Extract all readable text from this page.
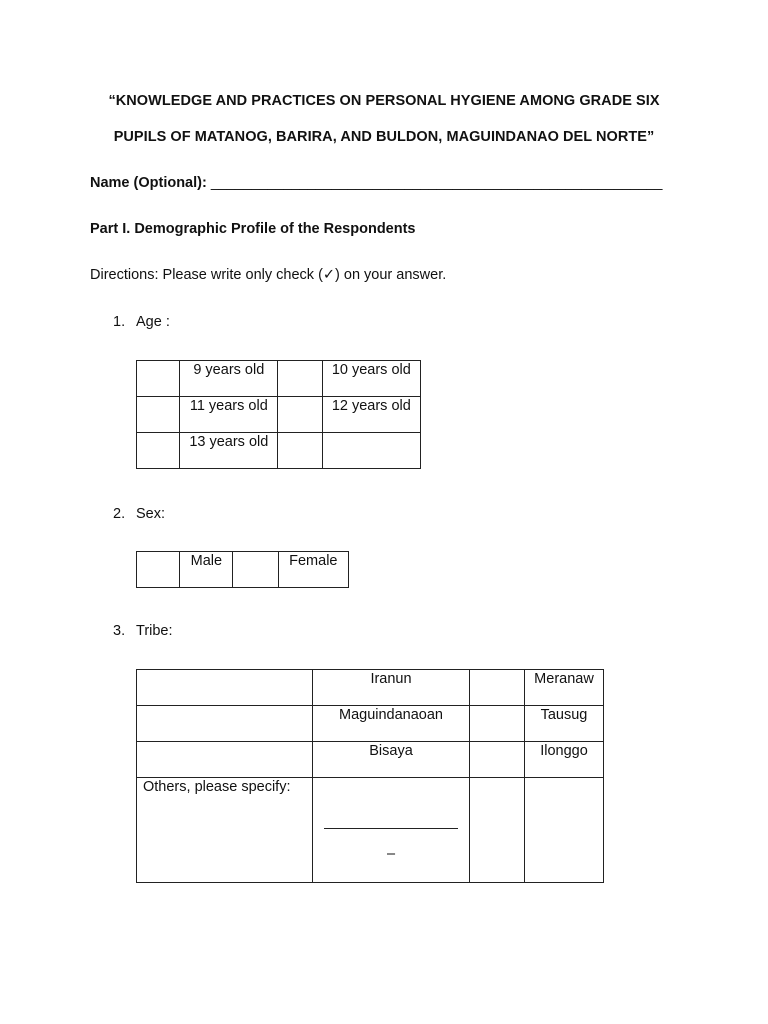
“KNOWLEDGE AND PRACTICES ON PERSONAL HYGIENE AMONG GRADE SIX
PUPILS OF MATANOG, BARIRA, AND BULDON, MAGUINDANAO DEL NORTE”
Name (Optional): ________________________________________________________
Part I. Demographic Profile of the Respondents
Directions: Please write only check (✓) on your answer.
1. Age :

	9 years old		10 years old

	11 years old		12 years old

	13 years old		

2. Sex:

Male		Female
3. Tribe:

	Iranun		Meranaw

	Maguindanaoan		Tausug

	Bisaya		Ilonggo

Others, please specify:	–		
